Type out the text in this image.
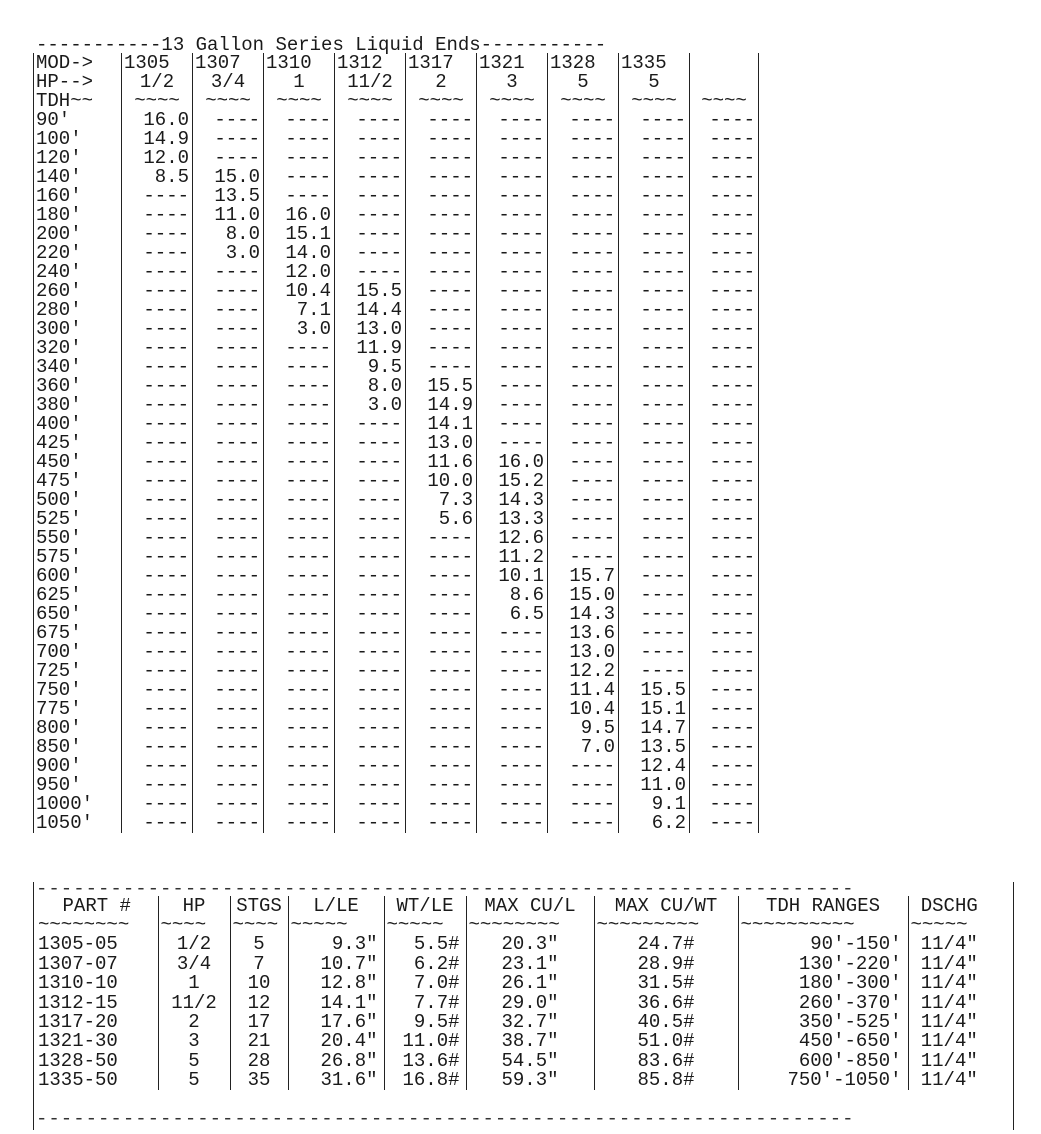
-----------13 Gallon Series Liquid Ends-----------
MOD->	1305	1307	1310	1312	1317	1321	1328	1335	
HP-->	1/2	3/4	1	11/2	2	3	5	5	
TDH~~	~~~~	~~~~	~~~~	~~~~	~~~~	~~~~	~~~~	~~~~	~~~~
90'	16.0	----	----	----	----	----	----	----	----
100'	14.9	----	----	----	----	----	----	----	----
120'	12.0	----	----	----	----	----	----	----	----
140'	8.5	15.0	----	----	----	----	----	----	----
160'	----	13.5	----	----	----	----	----	----	----
180'	----	11.0	16.0	----	----	----	----	----	----
200'	----	8.0	15.1	----	----	----	----	----	----
220'	----	3.0	14.0	----	----	----	----	----	----
240'	----	----	12.0	----	----	----	----	----	----
260'	----	----	10.4	15.5	----	----	----	----	----
280'	----	----	7.1	14.4	----	----	----	----	----
300'	----	----	3.0	13.0	----	----	----	----	----
320'	----	----	----	11.9	----	----	----	----	----
340'	----	----	----	9.5	----	----	----	----	----
360'	----	----	----	8.0	15.5	----	----	----	----
380'	----	----	----	3.0	14.9	----	----	----	----
400'	----	----	----	----	14.1	----	----	----	----
425'	----	----	----	----	13.0	----	----	----	----
450'	----	----	----	----	11.6	16.0	----	----	----
475'	----	----	----	----	10.0	15.2	----	----	----
500'	----	----	----	----	7.3	14.3	----	----	----
525'	----	----	----	----	5.6	13.3	----	----	----
550'	----	----	----	----	----	12.6	----	----	----
575'	----	----	----	----	----	11.2	----	----	----
600'	----	----	----	----	----	10.1	15.7	----	----
625'	----	----	----	----	----	8.6	15.0	----	----
650'	----	----	----	----	----	6.5	14.3	----	----
675'	----	----	----	----	----	----	13.6	----	----
700'	----	----	----	----	----	----	13.0	----	----
725'	----	----	----	----	----	----	12.2	----	----
750'	----	----	----	----	----	----	11.4	15.5	----
775'	----	----	----	----	----	----	10.4	15.1	----
800'	----	----	----	----	----	----	9.5	14.7	----
850'	----	----	----	----	----	----	7.0	13.5	----
900'	----	----	----	----	----	----	----	12.4	----
950'	----	----	----	----	----	----	----	11.0	----
1000'	----	----	----	----	----	----	----	9.1	----
1050'	----	----	----	----	----	----	----	6.2	----
------------------------------------------------------------------
PART #	HP	STGS	L/LE	WT/LE	MAX CU/L	MAX CU/WT	TDH RANGES	DSCHG
~~~~~~~~	~~~~	~~~~	~~~~~	~~~~~	~~~~~~~~	~~~~~~~~~	~~~~~~~~~~	~~~~~
1305-05	1/2	5	9.3"	5.5#	20.3"	24.7#	90'-150'	11/4"
1307-07	3/4	7	10.7"	6.2#	23.1"	28.9#	130'-220'	11/4"
1310-10	1	10	12.8"	7.0#	26.1"	31.5#	180'-300'	11/4"
1312-15	11/2	12	14.1"	7.7#	29.0"	36.6#	260'-370'	11/4"
1317-20	2	17	17.6"	9.5#	32.7"	40.5#	350'-525'	11/4"
1321-30	3	21	20.4"	11.0#	38.7"	51.0#	450'-650'	11/4"
1328-50	5	28	26.8"	13.6#	54.5"	83.6#	600'-850'	11/4"
1335-50	5	35	31.6"	16.8#	59.3"	85.8#	750'-1050'	11/4"
------------------------------------------------------------------
